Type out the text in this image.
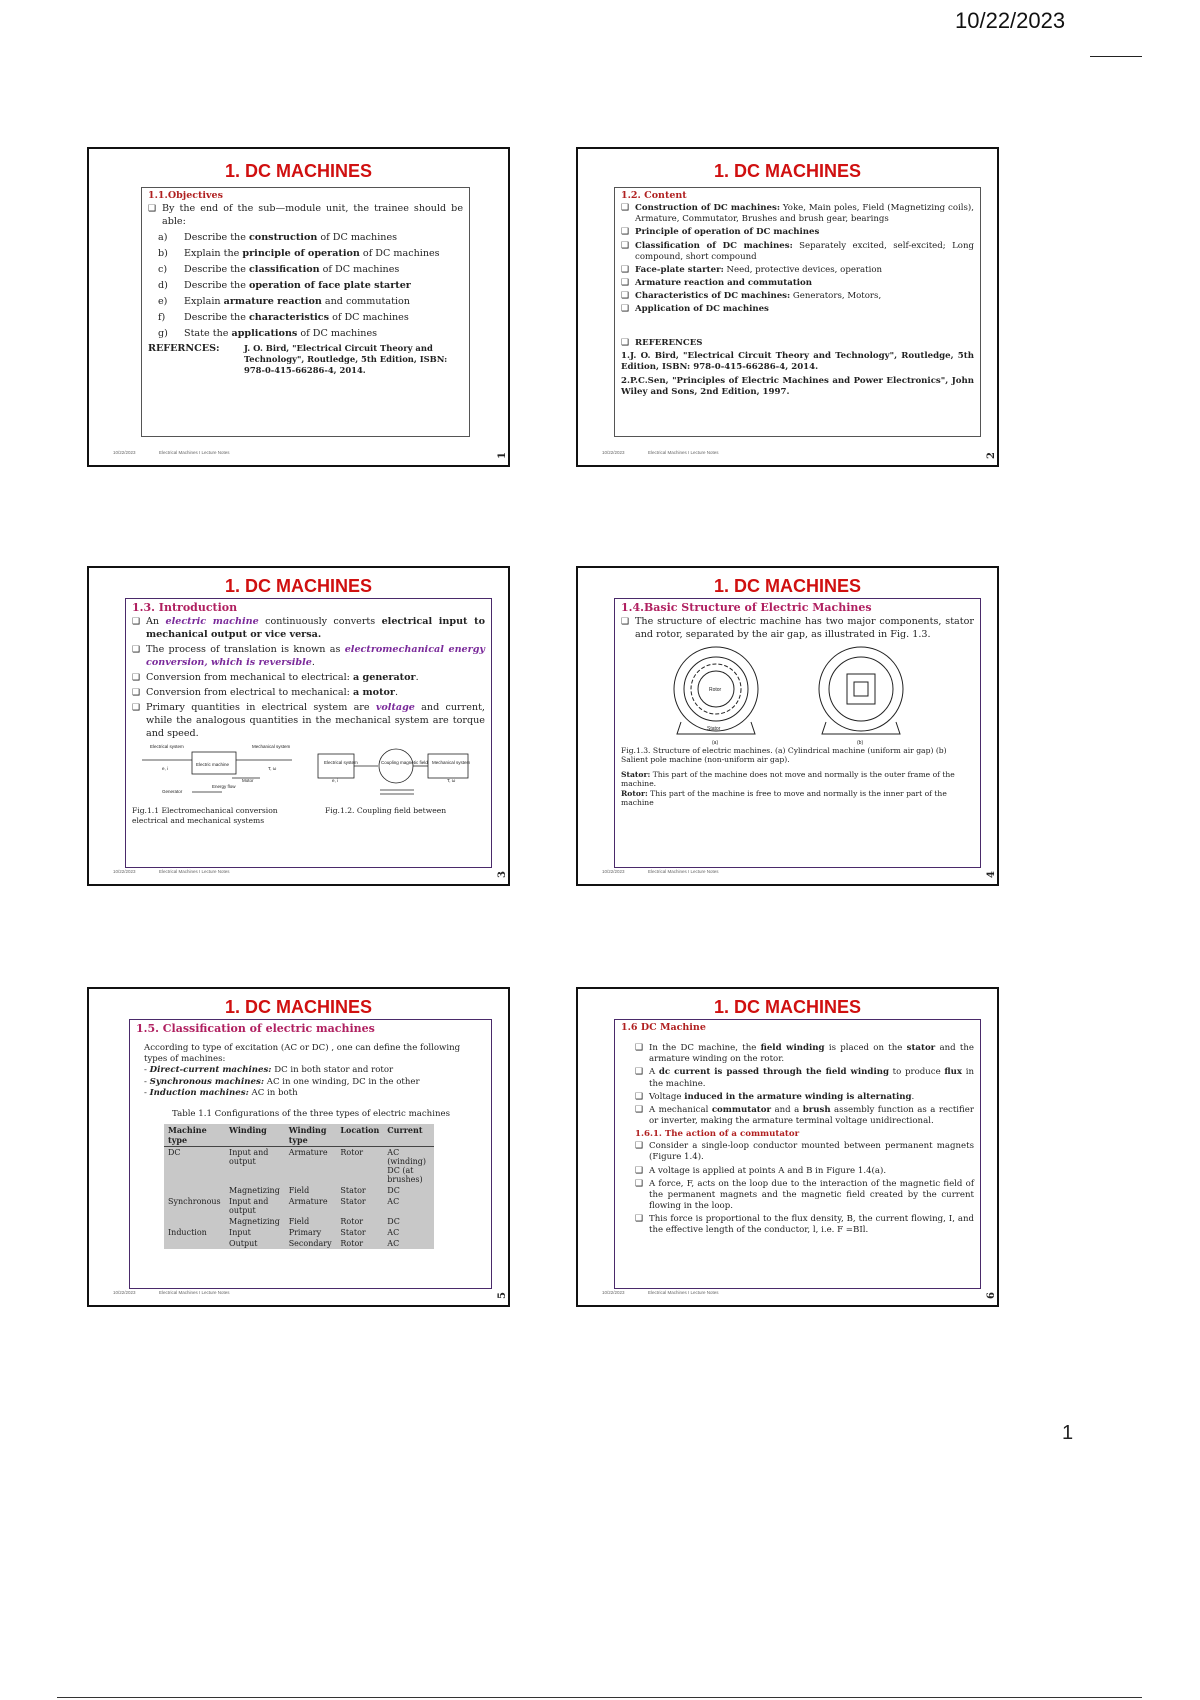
10/22/2023
1. DC MACHINES
1.1.Objectives
❑ By the end of the sub—module unit, the trainee should be able:
a)	Describe the construction of DC machines
b)	Explain the principle of operation of DC machines
c)	Describe the classification of DC machines
d)	Describe the operation of face plate starter
e)	Explain armature reaction and commutation
f)	Describe the characteristics of DC machines
g)	State the applications of DC machines
REFERNCES:	J. O. Bird, "Electrical Circuit Theory and Technology", Routledge, 5th Edition, ISBN: 978-0-415-66286-4, 2014.
10/22/2023	Electrical Machines I Lecture Notes	1
1. DC MACHINES
1.2. Content
❑ Construction of DC machines: Yoke, Main poles, Field (Magnetizing coils), Armature, Commutator, Brushes and brush gear, bearings
❑ Principle of operation of DC machines
❑ Classification of DC machines: Separately excited, self-excited; Long compound, short compound
❑ Face-plate starter: Need, protective devices, operation
❑ Armature reaction and commutation
❑ Characteristics of DC machines: Generators, Motors,
❑ Application of DC machines
❑ REFERENCES
1.J. O. Bird, "Electrical Circuit Theory and Technology", Routledge, 5th Edition, ISBN: 978-0-415-66286-4, 2014.
2.P.C.Sen, "Principles of Electric Machines and Power Electronics", John Wiley and Sons, 2nd Edition, 1997.
10/22/2023	Electrical Machines I Lecture Notes	2
1. DC MACHINES
1.3. Introduction
❑ An electric machine continuously converts electrical input to mechanical output or vice versa.
❑ The process of translation is known as electromechanical energy conversion, which is reversible.
❑ Conversion from mechanical to electrical: a generator.
❑ Conversion from electrical to mechanical: a motor.
❑ Primary quantities in electrical system are voltage and current, while the analogous quantities in the mechanical system are torque and speed.
Electrical system	Mechanical system
Electric machine
e, i	T, ω
Motor
Energy flow
Generator
Electrical system	Coupling magnetic field Mechanical system
e, i	T, ω
Fig.1.1 Electromechanical conversion electrical and mechanical systems
Fig.1.2. Coupling field between
10/22/2023	Electrical Machines I Lecture Notes	3
1. DC MACHINES
1.4.Basic Structure of Electric Machines
❑ The structure of electric machine has two major components, stator and rotor, separated by the air gap, as illustrated in Fig. 1.3.
Rotor
Stator
(a)	(b)
Fig.1.3. Structure of electric machines. (a) Cylindrical machine (uniform air gap) (b) Salient pole machine (non-uniform air gap).
Stator: This part of the machine does not move and normally is the outer frame of the machine.
Rotor: This part of the machine is free to move and normally is the inner part of the machine
10/22/2023	Electrical Machines I Lecture Notes	4
1. DC MACHINES
1.5. Classification of electric machines
According to type of excitation (AC or DC) , one can define the following types of machines:
- Direct-current machines: DC in both stator and rotor
- Synchronous machines: AC in one winding, DC in the other
- Induction machines: AC in both
Table 1.1 Configurations of the three types of electric machines
Machine type	Winding	Winding type	Location	Current
DC	Input and output	Armature	Rotor	AC (winding) DC (at brushes)
	Magnetizing	Field	Stator	DC
Synchronous	Input and output	Armature	Stator	AC
	Magnetizing	Field	Rotor	DC
Induction	Input	Primary	Stator	AC
	Output	Secondary	Rotor	AC
10/22/2023	Electrical Machines I Lecture Notes	5
1. DC MACHINES
1.6 DC Machine
❑ In the DC machine, the field winding is placed on the stator and the armature winding on the rotor.
❑ A dc current is passed through the field winding to produce flux in the machine.
❑ Voltage induced in the armature winding is alternating.
❑ A mechanical commutator and a brush assembly function as a rectifier or inverter, making the armature terminal voltage unidirectional.
1.6.1. The action of a commutator
❑ Consider a single-loop conductor mounted between permanent magnets (Figure 1.4).
❑ A voltage is applied at points A and B in Figure 1.4(a).
❑ A force, F, acts on the loop due to the interaction of the magnetic field of the permanent magnets and the magnetic field created by the current flowing in the loop.
❑ This force is proportional to the flux density, B, the current flowing, I, and the effective length of the conductor, l, i.e. F =BIl.
10/22/2023	Electrical Machines I Lecture Notes	6
1
